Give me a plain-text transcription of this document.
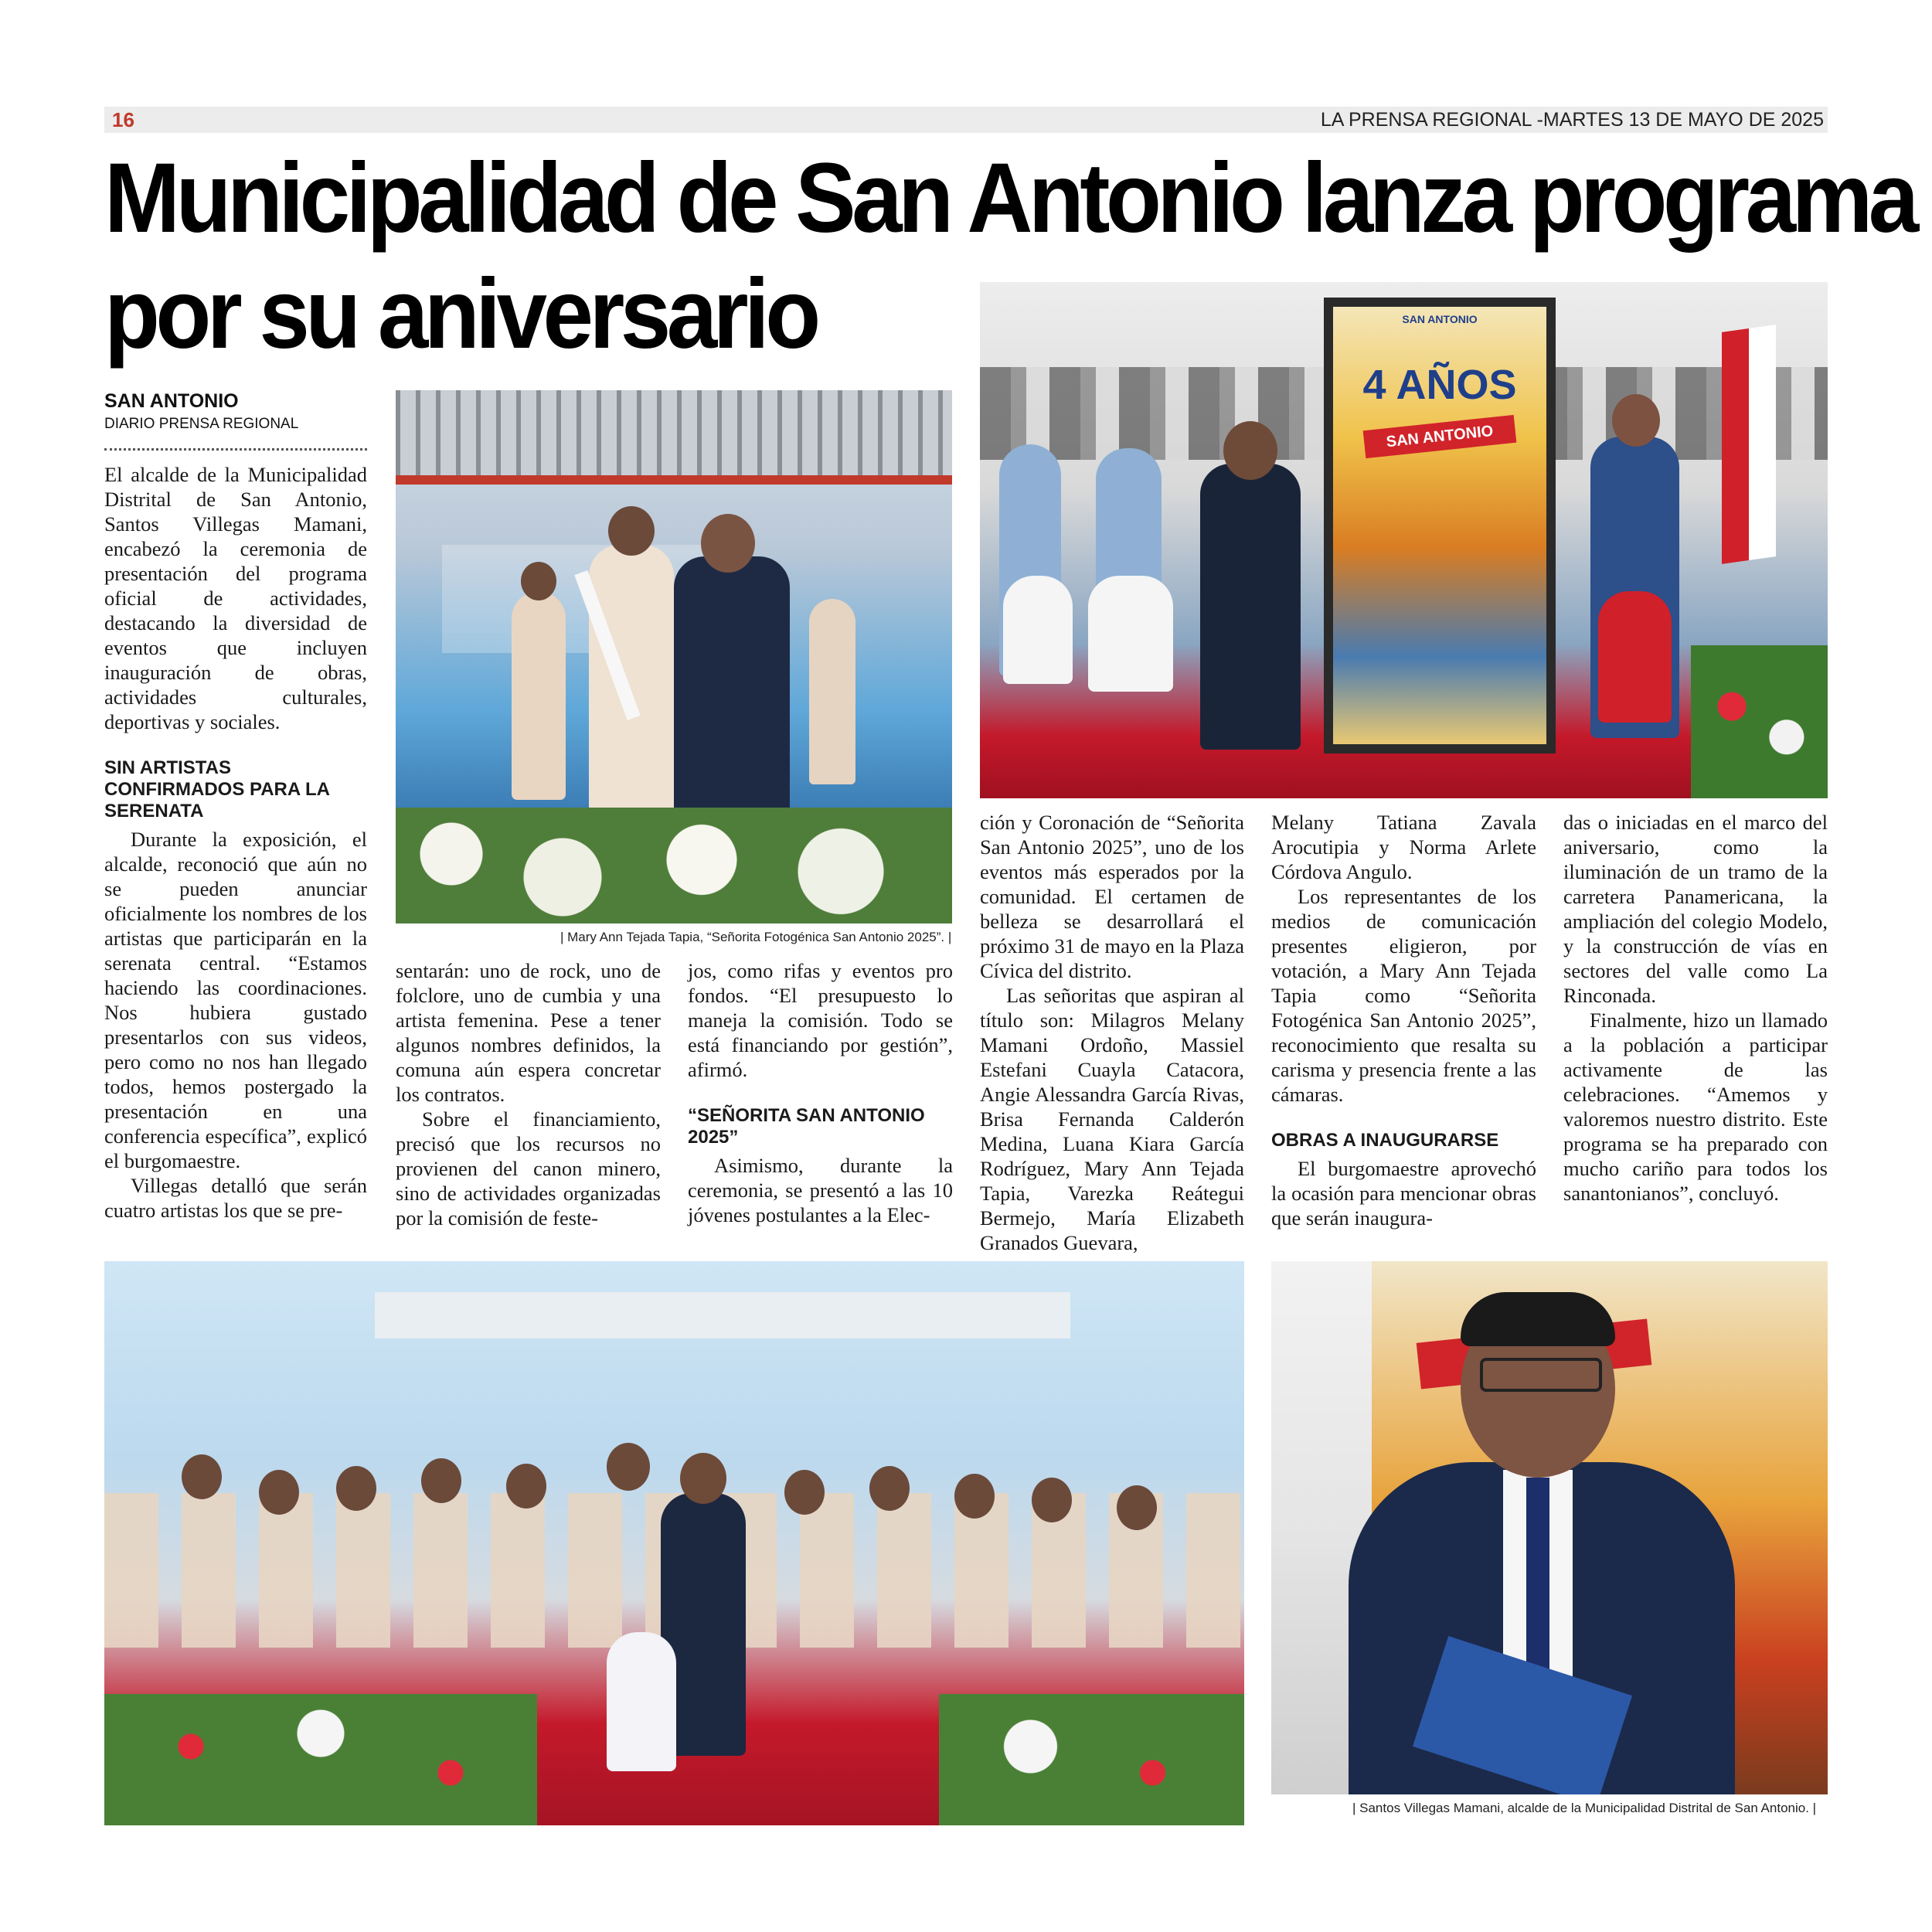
16	LA PRENSA REGIONAL -MARTES 13 DE MAYO DE 2025
Municipalidad de San Antonio lanza programa
por su aniversario
SAN ANTONIO
DIARIO PRENSA REGIONAL

El alcalde de la Municipalidad Distrital de San Antonio, Santos Villegas Mamani, encabezó la ceremonia de presentación del programa oficial de actividades, destacando la diversidad de eventos que incluyen inauguración de obras, actividades culturales, deportivas y sociales.

SIN ARTISTAS CONFIRMADOS PARA LA SERENATA

Durante la exposición, el alcalde, reconoció que aún no se pueden anunciar oficialmente los nombres de los artistas que participarán en la serenata central. “Estamos haciendo las coordinaciones. Nos hubiera gustado presentarlos con sus videos, pero como no nos han llegado todos, hemos postergado la presentación en una conferencia específica”, explicó el burgomaestre.

Villegas detalló que serán cuatro artistas los que se pre-

| Mary Ann Tejada Tapia, “Señorita Fotogénica San Antonio 2025”. |
SAN ANTONIO
4 AÑOS
SAN ANTONIO

sentarán: uno de rock, uno de folclore, uno de cumbia y una artista femenina. Pese a tener algunos nombres definidos, la comuna aún espera concretar los contratos.

Sobre el financiamiento, precisó que los recursos no provienen del canon minero, sino de actividades organizadas por la comisión de feste-

jos, como rifas y eventos pro fondos. “El presupuesto lo maneja la comisión. Todo se está financiando por gestión”, afirmó.

“SEÑORITA SAN ANTONIO 2025”

Asimismo, durante la ceremonia, se presentó a las 10 jóvenes postulantes a la Elec-

ción y Coronación de “Señorita San Antonio 2025”, uno de los eventos más esperados por la comunidad. El certamen de belleza se desarrollará el próximo 31 de mayo en la Plaza Cívica del distrito.

Las señoritas que aspiran al título son: Milagros Melany Mamani Ordoño, Massiel Estefani Cuayla Catacora, Angie Alessandra García Rivas, Brisa Fernanda Calderón Medina, Luana Kiara García Rodríguez, Mary Ann Tejada Tapia, Varezka Reátegui Bermejo, María Elizabeth Granados Guevara,

Melany Tatiana Zavala Arocutipia y Norma Arlete Córdova Angulo.

Los representantes de los medios de comunicación presentes eligieron, por votación, a Mary Ann Tejada Tapia como “Señorita Fotogénica San Antonio 2025”, reconocimiento que resalta su carisma y presencia frente a las cámaras.

OBRAS A INAUGURARSE

El burgomaestre aprovechó la ocasión para mencionar obras que serán inaugura-

das o iniciadas en el marco del aniversario, como la iluminación de un tramo de la carretera Panamericana, la ampliación del colegio Modelo, y la construcción de vías en sectores del valle como La Rinconada.

Finalmente, hizo un llamado a la población a participar activamente de las celebraciones. “Amemos y valoremos nuestro distrito. Este programa se ha preparado con mucho cariño para todos los sanantonianos”, concluyó.

| Santos Villegas Mamani, alcalde de la Municipalidad Distrital de San Antonio. |
